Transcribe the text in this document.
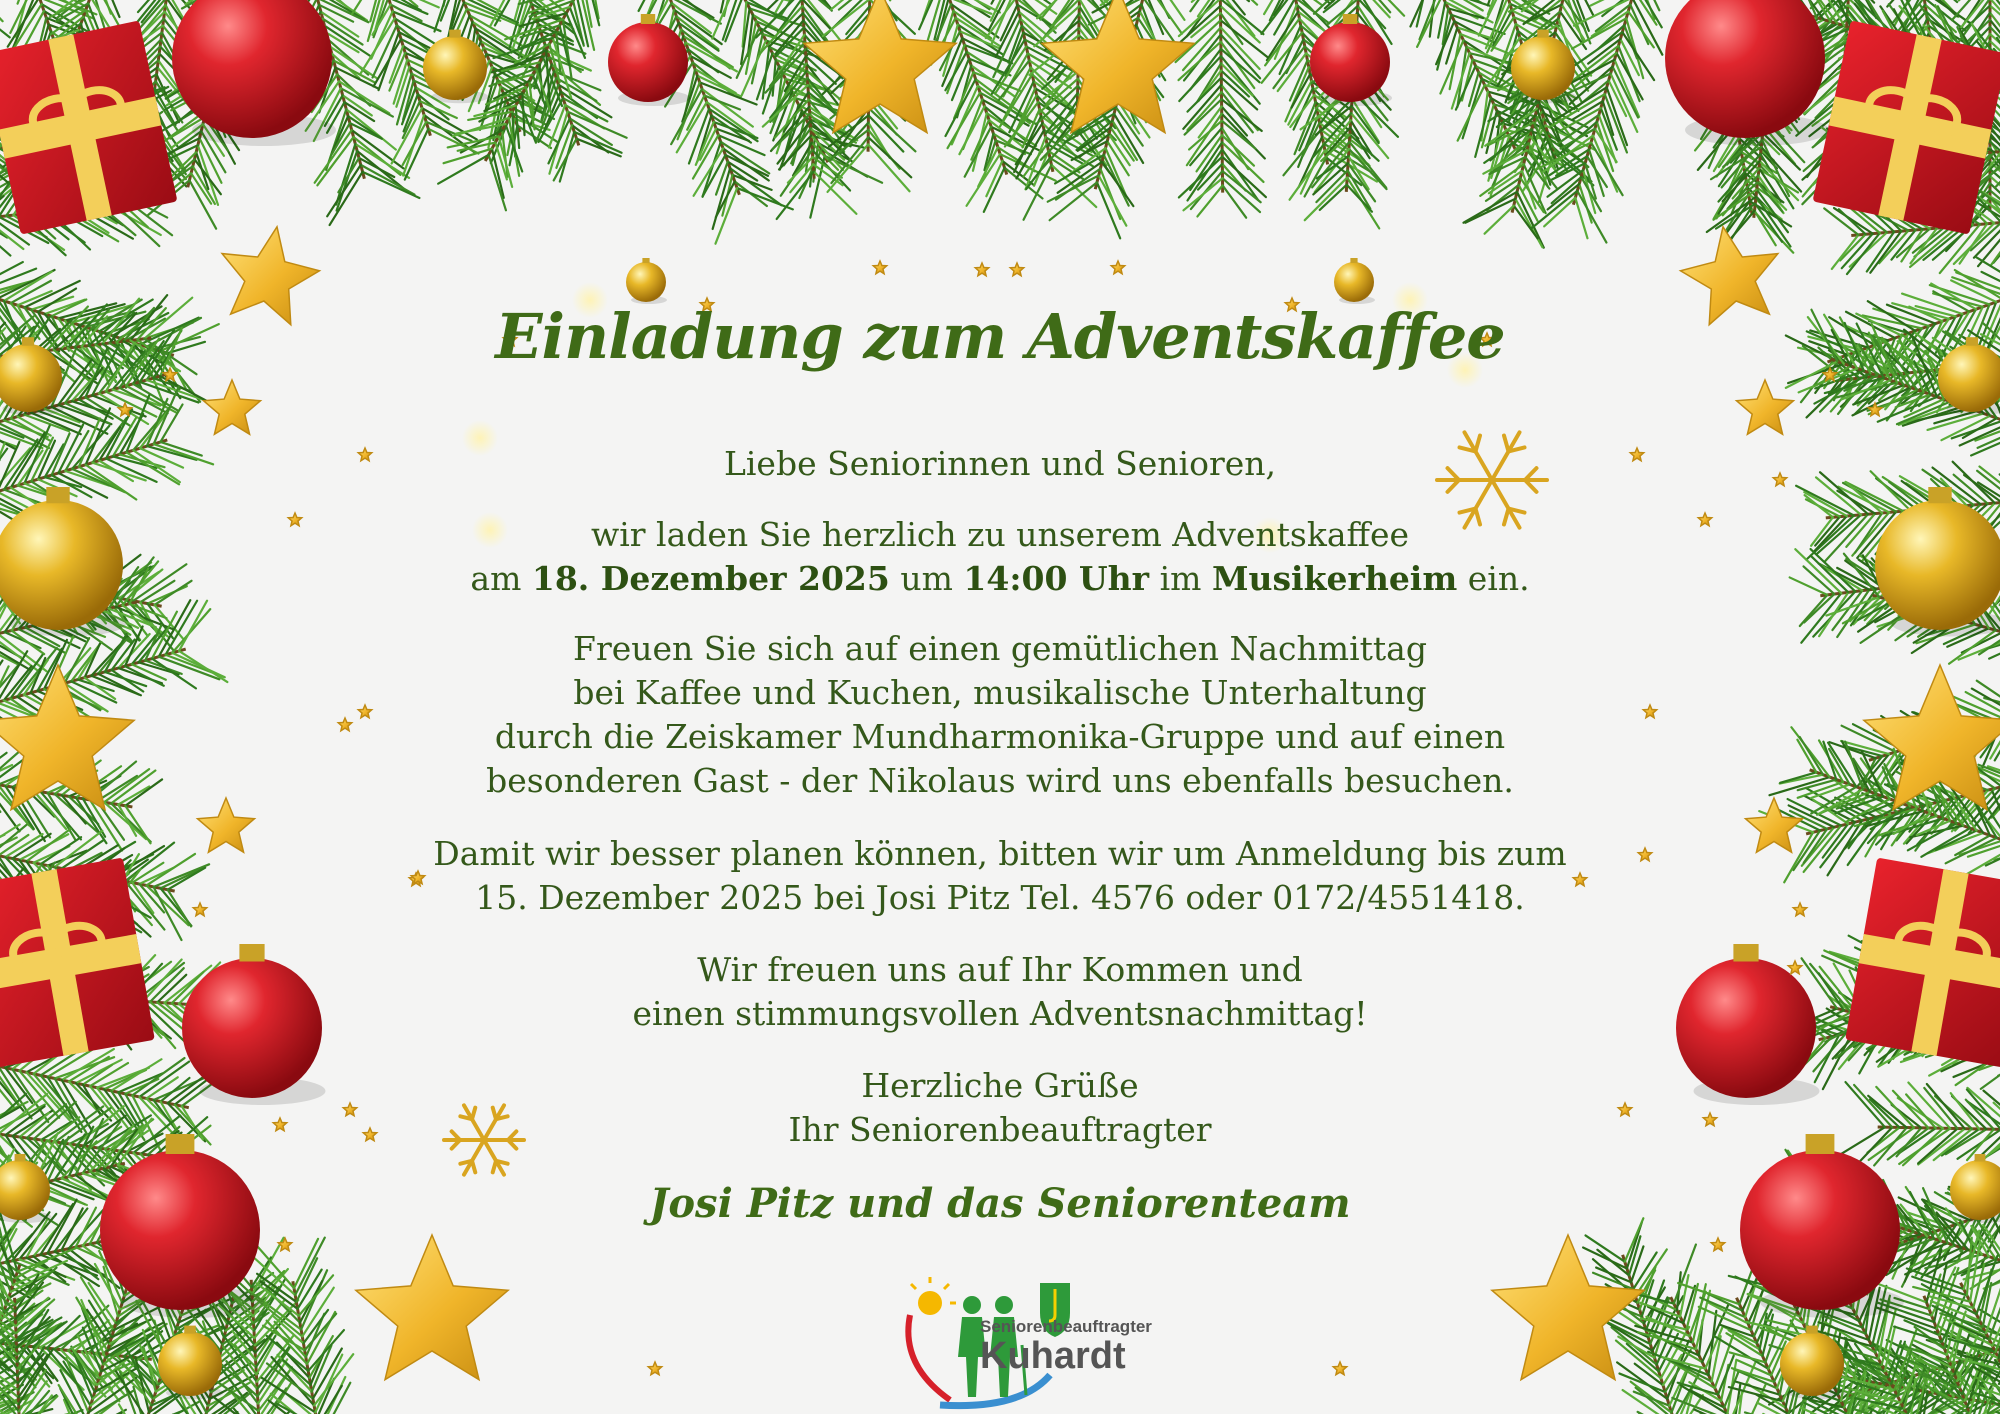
Einladung zum Adventskaffee
Liebe Seniorinnen und Senioren,
wir laden Sie herzlich zu unserem Adventskaffee
am 18. Dezember 2025 um 14:00 Uhr im Musikerheim ein.
Freuen Sie sich auf einen gemütlichen Nachmittag
bei Kaffee und Kuchen, musikalische Unterhaltung
durch die Zeiskamer Mundharmonika-Gruppe und auf einen
besonderen Gast - der Nikolaus wird uns ebenfalls besuchen.
Damit wir besser planen können, bitten wir um Anmeldung bis zum
15. Dezember 2025 bei Josi Pitz Tel. 4576 oder 0172/4551418.
Wir freuen uns auf Ihr Kommen und
einen stimmungsvollen Adventsnachmittag!
Herzliche Grüße
Ihr Seniorenbeauftragter
Josi Pitz und das Seniorenteam
Seniorenbeauftragter
Kuhardt
